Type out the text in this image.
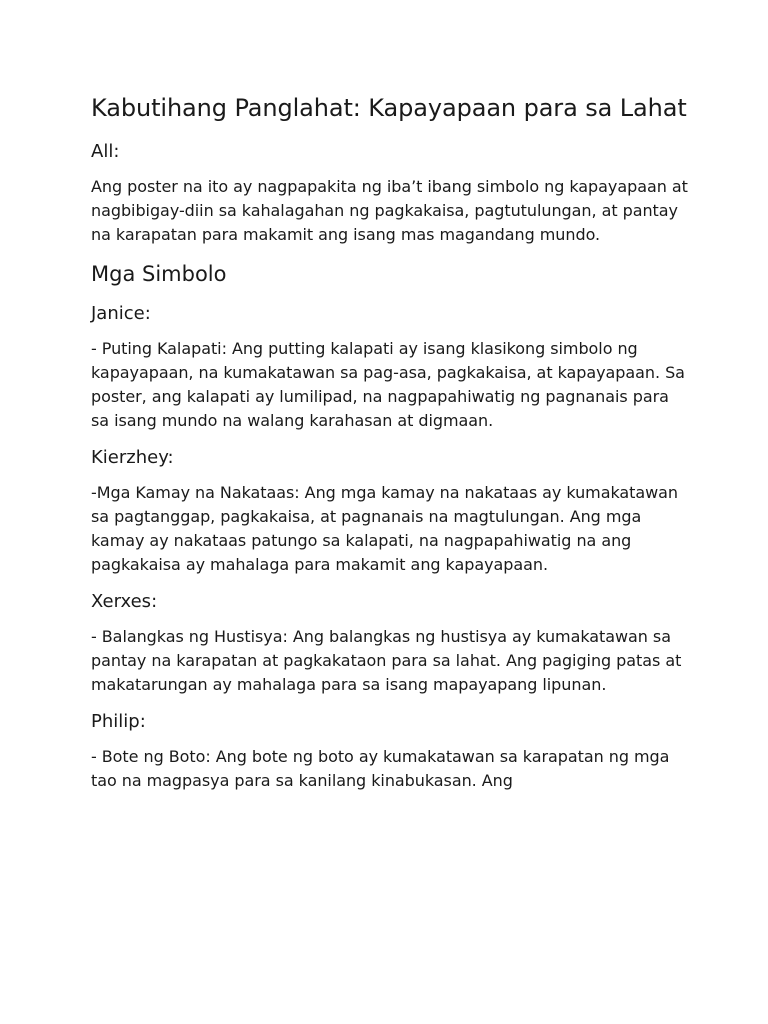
Kabutihang Panglahat: Kapayapaan para sa Lahat
All:

Ang poster na ito ay nagpapakita ng iba’t ibang simbolo ng kapayapaan at nagbibigay-diin sa kahalagahan ng pagkakaisa, pagtutulungan, at pantay na karapatan para makamit ang isang mas magandang mundo.

Mga Simbolo
Janice:

- Puting Kalapati: Ang putting kalapati ay isang klasikong simbolo ng kapayapaan, na kumakatawan sa pag-asa, pagkakaisa, at kapayapaan. Sa poster, ang kalapati ay lumilipad, na nagpapahiwatig ng pagnanais para sa isang mundo na walang karahasan at digmaan.

Kierzhey:

-Mga Kamay na Nakataas: Ang mga kamay na nakataas ay kumakatawan sa pagtanggap, pagkakaisa, at pagnanais na magtulungan. Ang mga kamay ay nakataas patungo sa kalapati, na nagpapahiwatig na ang pagkakaisa ay mahalaga para makamit ang kapayapaan.

Xerxes:

- Balangkas ng Hustisya: Ang balangkas ng hustisya ay kumakatawan sa pantay na karapatan at pagkakataon para sa lahat. Ang pagiging patas at makatarungan ay mahalaga para sa isang mapayapang lipunan.

Philip:

- Bote ng Boto: Ang bote ng boto ay kumakatawan sa karapatan ng mga tao na magpasya para sa kanilang kinabukasan. Ang
